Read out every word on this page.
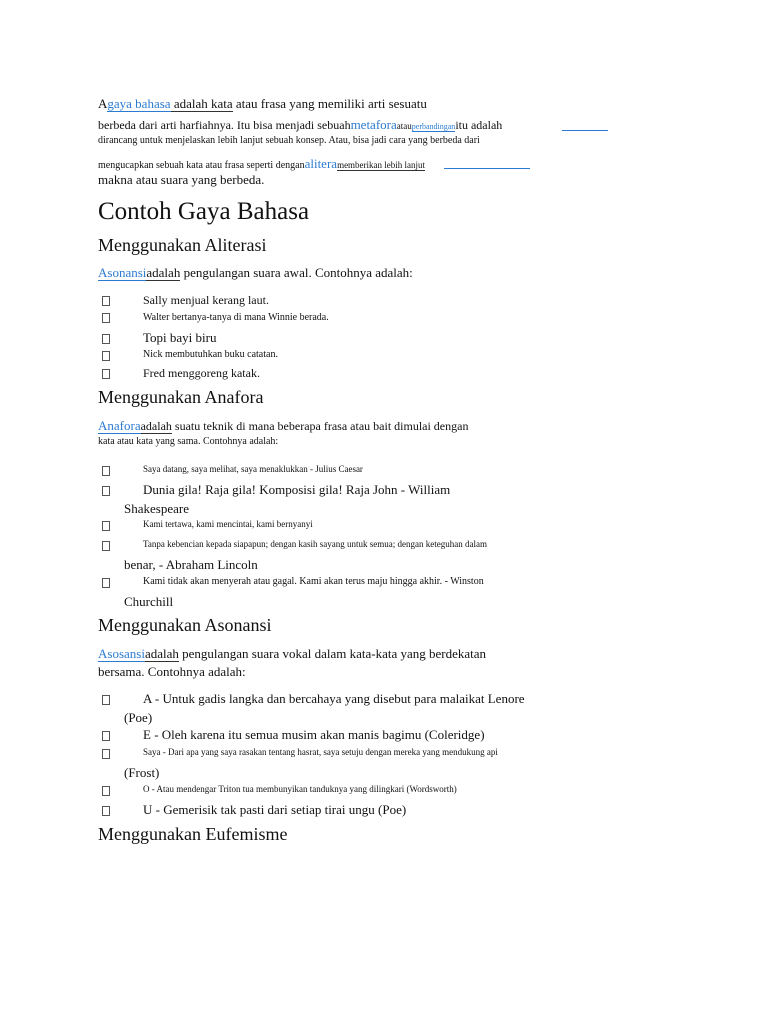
Agaya bahasa adalah kata atau frasa yang memiliki arti sesuatu
berbeda dari arti harfiahnya. Itu bisa menjadi sebuahmetaforaatauperbandinganitu adalah
dirancang untuk menjelaskan lebih lanjut sebuah konsep. Atau, bisa jadi cara yang berbeda dari
mengucapkan sebuah kata atau frasa seperti denganaliteramemberikan lebih lanjut
makna atau suara yang berbeda.
Contoh Gaya Bahasa
Menggunakan Aliterasi
Asonansiadalah pengulangan suara awal. Contohnya adalah:
Sally menjual kerang laut.
Walter bertanya-tanya di mana Winnie berada.
Topi bayi biru
Nick membutuhkan buku catatan.
Fred menggoreng katak.
Menggunakan Anafora
Anaforaadalah suatu teknik di mana beberapa frasa atau bait dimulai dengan
kata atau kata yang sama. Contohnya adalah:
Saya datang, saya melihat, saya menaklukkan - Julius Caesar
Dunia gila! Raja gila! Komposisi gila! Raja John - William
Shakespeare
Kami tertawa, kami mencintai, kami bernyanyi
Tanpa kebencian kepada siapapun; dengan kasih sayang untuk semua; dengan keteguhan dalam
benar, - Abraham Lincoln
Kami tidak akan menyerah atau gagal. Kami akan terus maju hingga akhir. - Winston
Churchill
Menggunakan Asonansi
Asosansiadalah pengulangan suara vokal dalam kata-kata yang berdekatan
bersama. Contohnya adalah:
A - Untuk gadis langka dan bercahaya yang disebut para malaikat Lenore
(Poe)
E - Oleh karena itu semua musim akan manis bagimu (Coleridge)
Saya - Dari apa yang saya rasakan tentang hasrat, saya setuju dengan mereka yang mendukung api
(Frost)
O - Atau mendengar Triton tua membunyikan tanduknya yang dilingkari (Wordsworth)
U - Gemerisik tak pasti dari setiap tirai ungu (Poe)
Menggunakan Eufemisme
